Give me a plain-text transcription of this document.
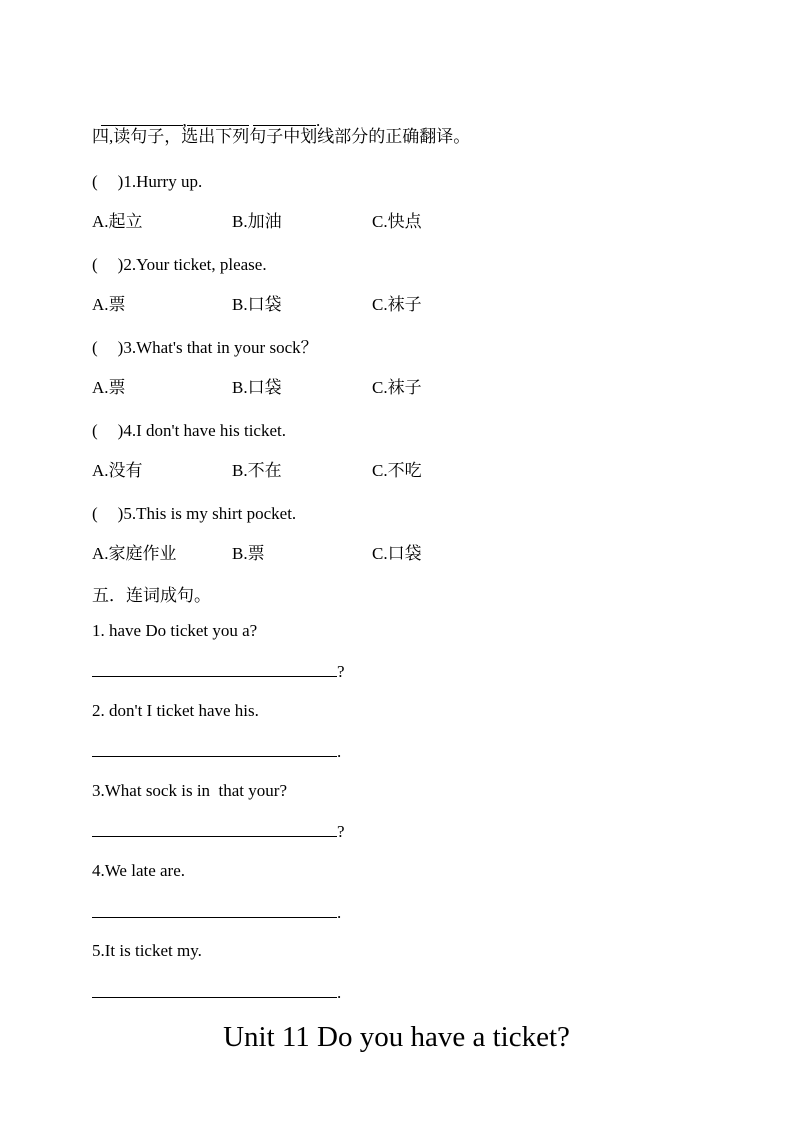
,	.

四,读句子，选出下列句子中划线部分的正确翻译。
( )1.Hurry up.
A.起立	B.加油	C.快点
( )2.Your ticket, please.
A.票	B.口袋	C.袜子
( )3.What's that in your sock？
A.票	B.口袋	C.袜子
( )4.I don't have his ticket.
A.没有	B.不在	C.不吃
( )5.This is my shirt pocket.
A.家庭作业	B.票	C.口袋
五．连词成句。
1. have Do ticket you a?
?
2. don't I ticket have his.
.
3.What sock is in  that your?
?
4.We late are.
.
5.It is ticket my.
.
Unit 11 Do you have a ticket?
